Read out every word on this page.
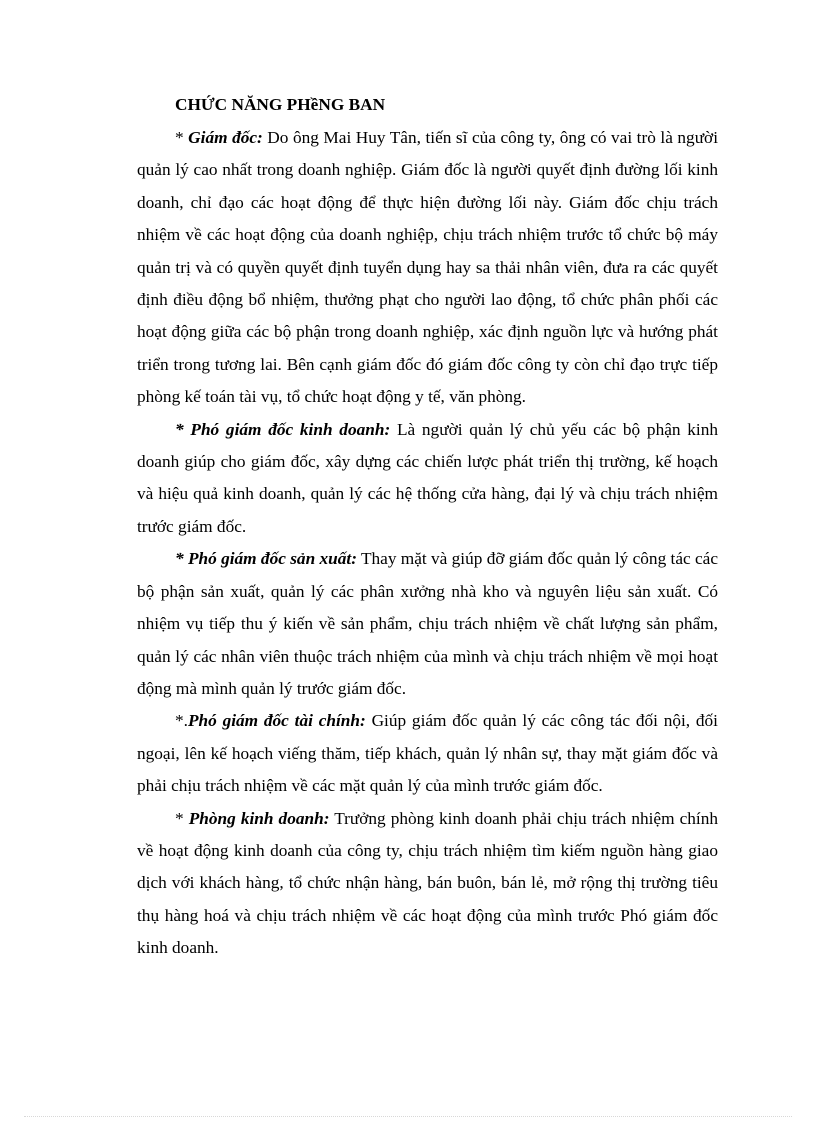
CHỨC NĂNG PHềNG BAN

* Giám đốc: Do ông Mai Huy Tân, tiến sĩ của công ty, ông có vai trò là người quản lý cao nhất trong doanh nghiệp. Giám đốc là người quyết định đường lối kinh doanh, chỉ đạo các hoạt động để thực hiện đường lối này. Giám đốc chịu trách nhiệm về các hoạt động của doanh nghiệp, chịu trách nhiệm trước tổ chức bộ máy quản trị và có quyền quyết định tuyển dụng hay sa thải nhân viên, đưa ra các quyết định điều động bổ nhiệm, thưởng phạt cho người lao động, tổ chức phân phối các hoạt động giữa các bộ phận trong doanh nghiệp, xác định nguồn lực và hướng phát triển trong tương lai. Bên cạnh giám đốc đó giám đốc công ty còn chỉ đạo trực tiếp phòng kế toán tài vụ, tổ chức hoạt động y tế, văn phòng.

* Phó giám đốc kinh doanh: Là người quản lý chủ yếu các bộ phận kinh doanh giúp cho giám đốc, xây dựng các chiến lược phát triển thị trường, kế hoạch và hiệu quả kinh doanh, quản lý các hệ thống cửa hàng, đại lý và chịu trách nhiệm trước giám đốc.

* Phó giám đốc sản xuất: Thay mặt và giúp đỡ giám đốc quản lý công tác các bộ phận sản xuất, quản lý các phân xưởng nhà kho và nguyên liệu sản xuất. Có nhiệm vụ tiếp thu ý kiến về sản phẩm, chịu trách nhiệm về chất lượng sản phẩm, quản lý các nhân viên thuộc trách nhiệm của mình và chịu trách nhiệm về mọi hoạt động mà mình quản lý trước giám đốc.

*.Phó giám đốc tài chính: Giúp giám đốc quản lý các công tác đối nội, đối ngoại, lên kế hoạch viếng thăm, tiếp khách, quản lý nhân sự, thay mặt giám đốc và phải chịu trách nhiệm về các mặt quản lý của mình trước giám đốc.

* Phòng kinh doanh: Trưởng phòng kinh doanh phải chịu trách nhiệm chính về hoạt động kinh doanh của công ty, chịu trách nhiệm tìm kiếm nguồn hàng giao dịch với khách hàng, tổ chức nhận hàng, bán buôn, bán lẻ, mở rộng thị trường tiêu thụ hàng hoá và chịu trách nhiệm về các hoạt động của mình trước Phó giám đốc kinh doanh.
